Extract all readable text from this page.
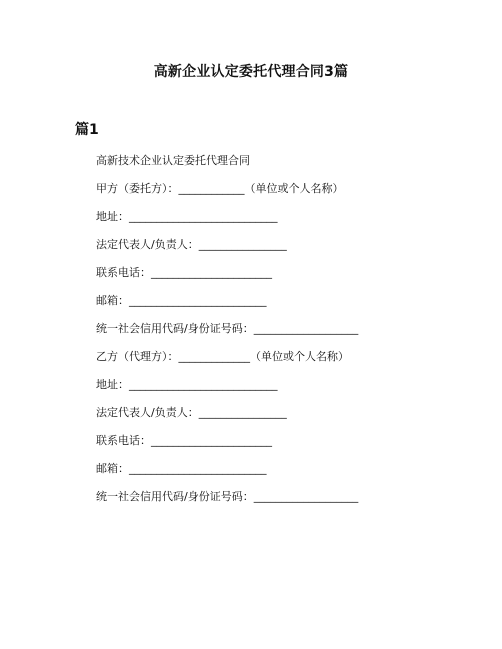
高新企业认定委托代理合同3篇
篇1
高新技术企业认定委托代理合同
甲方（委托方）：____________（单位或个人名称）
地址：___________________________
法定代表人/负责人：________________
联系电话：______________________
邮箱：_________________________
统一社会信用代码/身份证号码：___________________
乙方（代理方）：_____________（单位或个人名称）
地址：___________________________
法定代表人/负责人：________________
联系电话：______________________
邮箱：_________________________
统一社会信用代码/身份证号码：___________________
